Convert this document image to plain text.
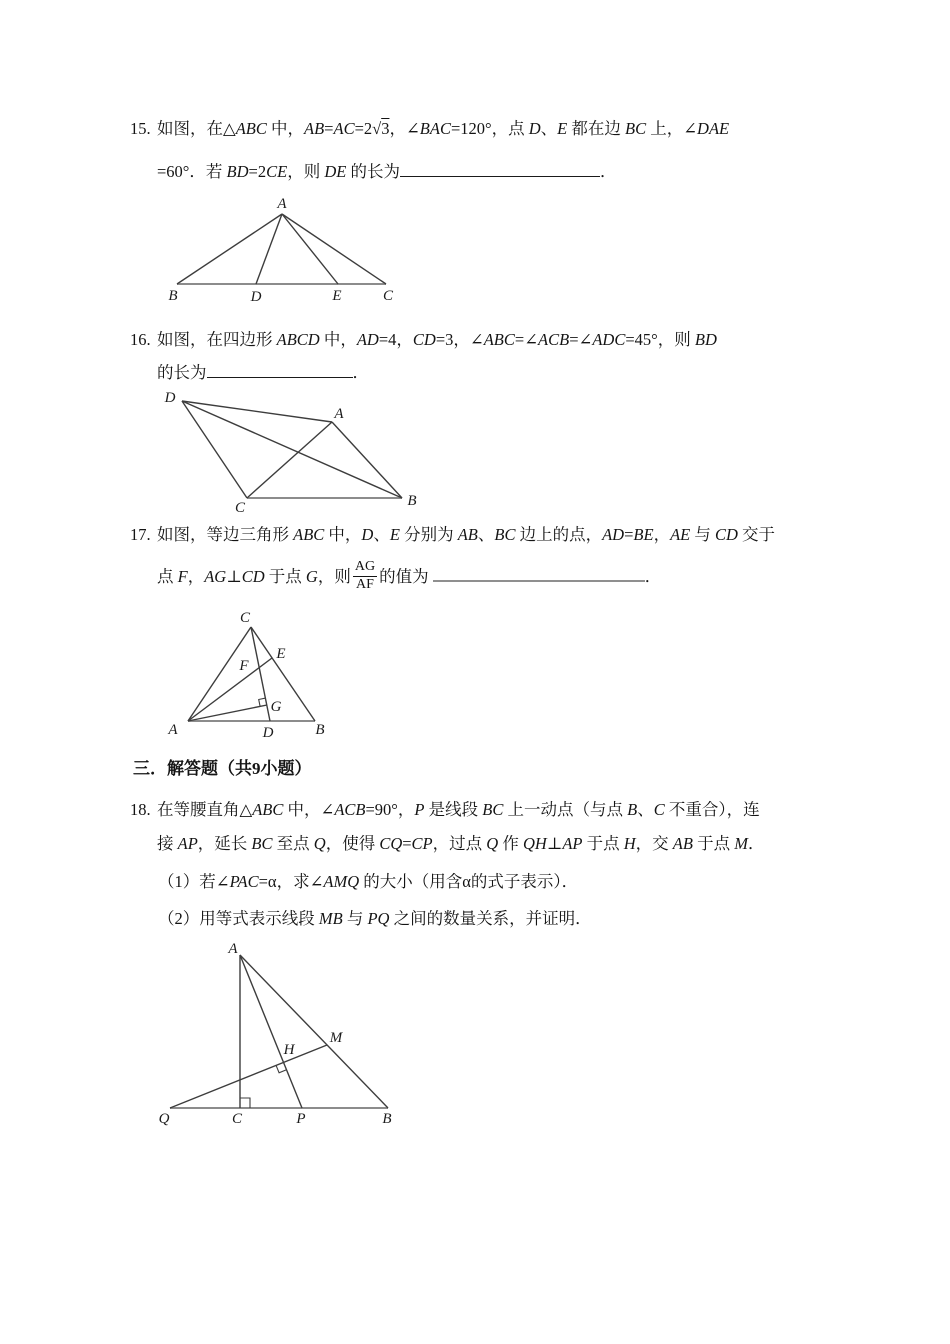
15. 如图，在△ABC 中，AB=AC=2√3，∠BAC=120°，点 D、E 都在边 BC 上，∠DAE
=60°．若 BD=2CE，则 DE 的长为	．
A
B	D	E	C
16. 如图，在四边形 ABCD 中，AD=4，CD=3，∠ABC=∠ACB=∠ADC=45°，则 BD
的长为	．
D
A
C	B
17. 如图，等边三角形 ABC 中，D、E 分别为 AB、BC 边上的点，AD=BE，AE 与 CD 交于
点 F，AG⊥CD 于点 G，则 $\frac{AG}{AF}$ 的值为	．
C
E
F
G
A	D	B
三．解答题（共9小题）
18. 在等腰直角△ABC 中，∠ACB=90°，P 是线段 BC 上一动点（与点 B、C 不重合），连
接 AP，延长 BC 至点 Q，使得 CQ=CP，过点 Q 作 QH⊥AP 于点 H，交 AB 于点 M．
（1）若∠PAC=α，求∠AMQ 的大小（用含α的式子表示）．
（2）用等式表示线段 MB 与 PQ 之间的数量关系，并证明．
A
Q	C	P	B
M
H
